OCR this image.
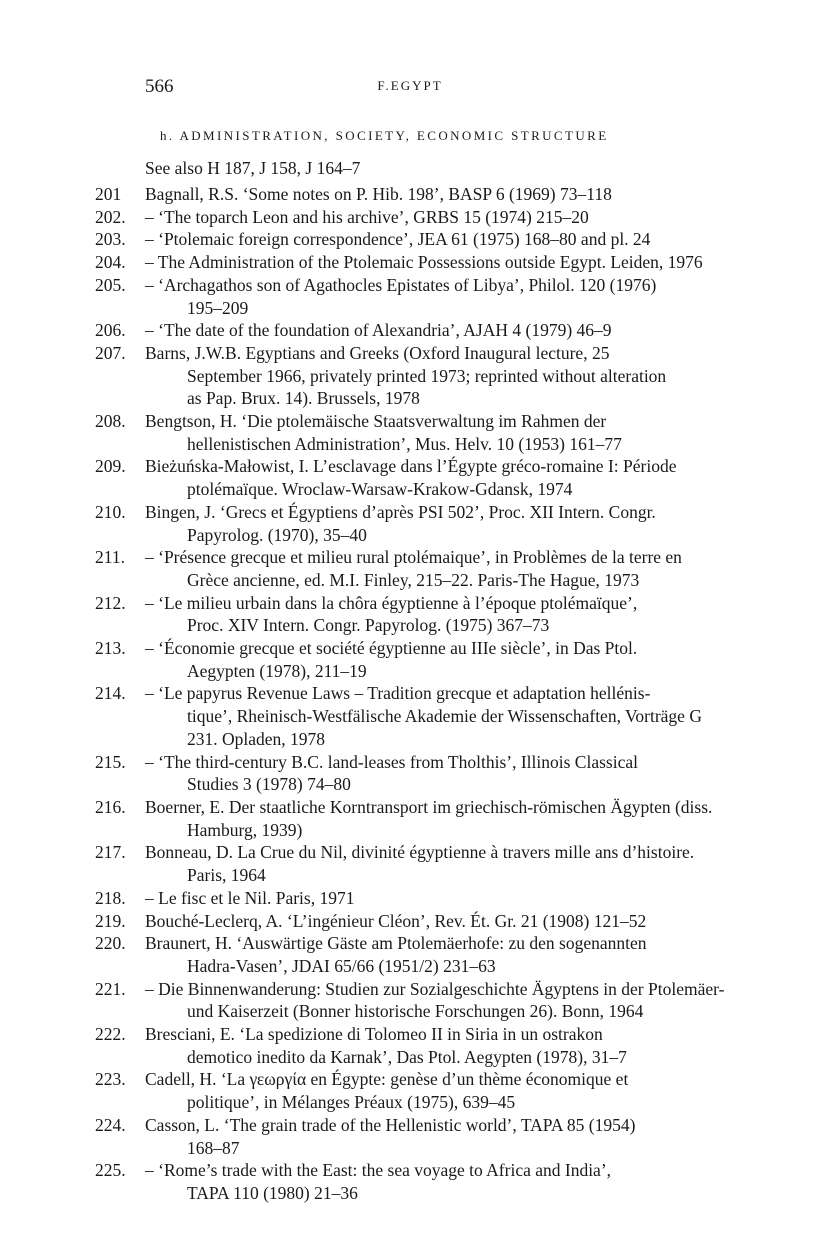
566	F.EGYPT
h. ADMINISTRATION, SOCIETY, ECONOMIC STRUCTURE
See also H 187, J 158, J 164–7
201	Bagnall, R.S. ‘Some notes on P. Hib. 198’, BASP 6 (1969) 73–118
202.	– ‘The toparch Leon and his archive’, GRBS 15 (1974) 215–20
203.	– ‘Ptolemaic foreign correspondence’, JEA 61 (1975) 168–80 and pl. 24
204.	– The Administration of the Ptolemaic Possessions outside Egypt. Leiden, 1976
205.	– ‘Archagathos son of Agathocles Epistates of Libya’, Philol. 120 (1976)
195–209
206.	– ‘The date of the foundation of Alexandria’, AJAH 4 (1979) 46–9
207.	Barns, J.W.B. Egyptians and Greeks (Oxford Inaugural lecture, 25
September 1966, privately printed 1973; reprinted without alteration
as Pap. Brux. 14). Brussels, 1978
208.	Bengtson, H. ‘Die ptolemäische Staatsverwaltung im Rahmen der
hellenistischen Administration’, Mus. Helv. 10 (1953) 161–77
209.	Bieżuńska-Małowist, I. L’esclavage dans l’Égypte gréco-romaine I: Période
ptolémaïque. Wroclaw-Warsaw-Krakow-Gdansk, 1974
210.	Bingen, J. ‘Grecs et Égyptiens d’après PSI 502’, Proc. XII Intern. Congr.
Papyrolog. (1970), 35–40
211.	– ‘Présence grecque et milieu rural ptolémaique’, in Problèmes de la terre en
Grèce ancienne, ed. M.I. Finley, 215–22. Paris-The Hague, 1973
212.	– ‘Le milieu urbain dans la chôra égyptienne à l’époque ptolémaïque’,
Proc. XIV Intern. Congr. Papyrolog. (1975) 367–73
213.	– ‘Économie grecque et société égyptienne au IIIe siècle’, in Das Ptol.
Aegypten (1978), 211–19
214.	– ‘Le papyrus Revenue Laws – Tradition grecque et adaptation hellénis-
tique’, Rheinisch-Westfälische Akademie der Wissenschaften, Vorträge G
231. Opladen, 1978
215.	– ‘The third-century B.C. land-leases from Tholthis’, Illinois Classical
Studies 3 (1978) 74–80
216.	Boerner, E. Der staatliche Korntransport im griechisch-römischen Ägypten (diss.
Hamburg, 1939)
217.	Bonneau, D. La Crue du Nil, divinité égyptienne à travers mille ans d’histoire.
Paris, 1964
218.	– Le fisc et le Nil. Paris, 1971
219.	Bouché-Leclerq, A. ‘L’ingénieur Cléon’, Rev. Ét. Gr. 21 (1908) 121–52
220.	Braunert, H. ‘Auswärtige Gäste am Ptolemäerhofe: zu den sogenannten
Hadra-Vasen’, JDAI 65/66 (1951/2) 231–63
221.	– Die Binnenwanderung: Studien zur Sozialgeschichte Ägyptens in der Ptolemäer-
und Kaiserzeit (Bonner historische Forschungen 26). Bonn, 1964
222.	Bresciani, E. ‘La spedizione di Tolomeo II in Siria in un ostrakon
demotico inedito da Karnak’, Das Ptol. Aegypten (1978), 31–7
223.	Cadell, H. ‘La γεωργία en Égypte: genèse d’un thème économique et
politique’, in Mélanges Préaux (1975), 639–45
224.	Casson, L. ‘The grain trade of the Hellenistic world’, TAPA 85 (1954)
168–87
225.	– ‘Rome’s trade with the East: the sea voyage to Africa and India’,
TAPA 110 (1980) 21–36
